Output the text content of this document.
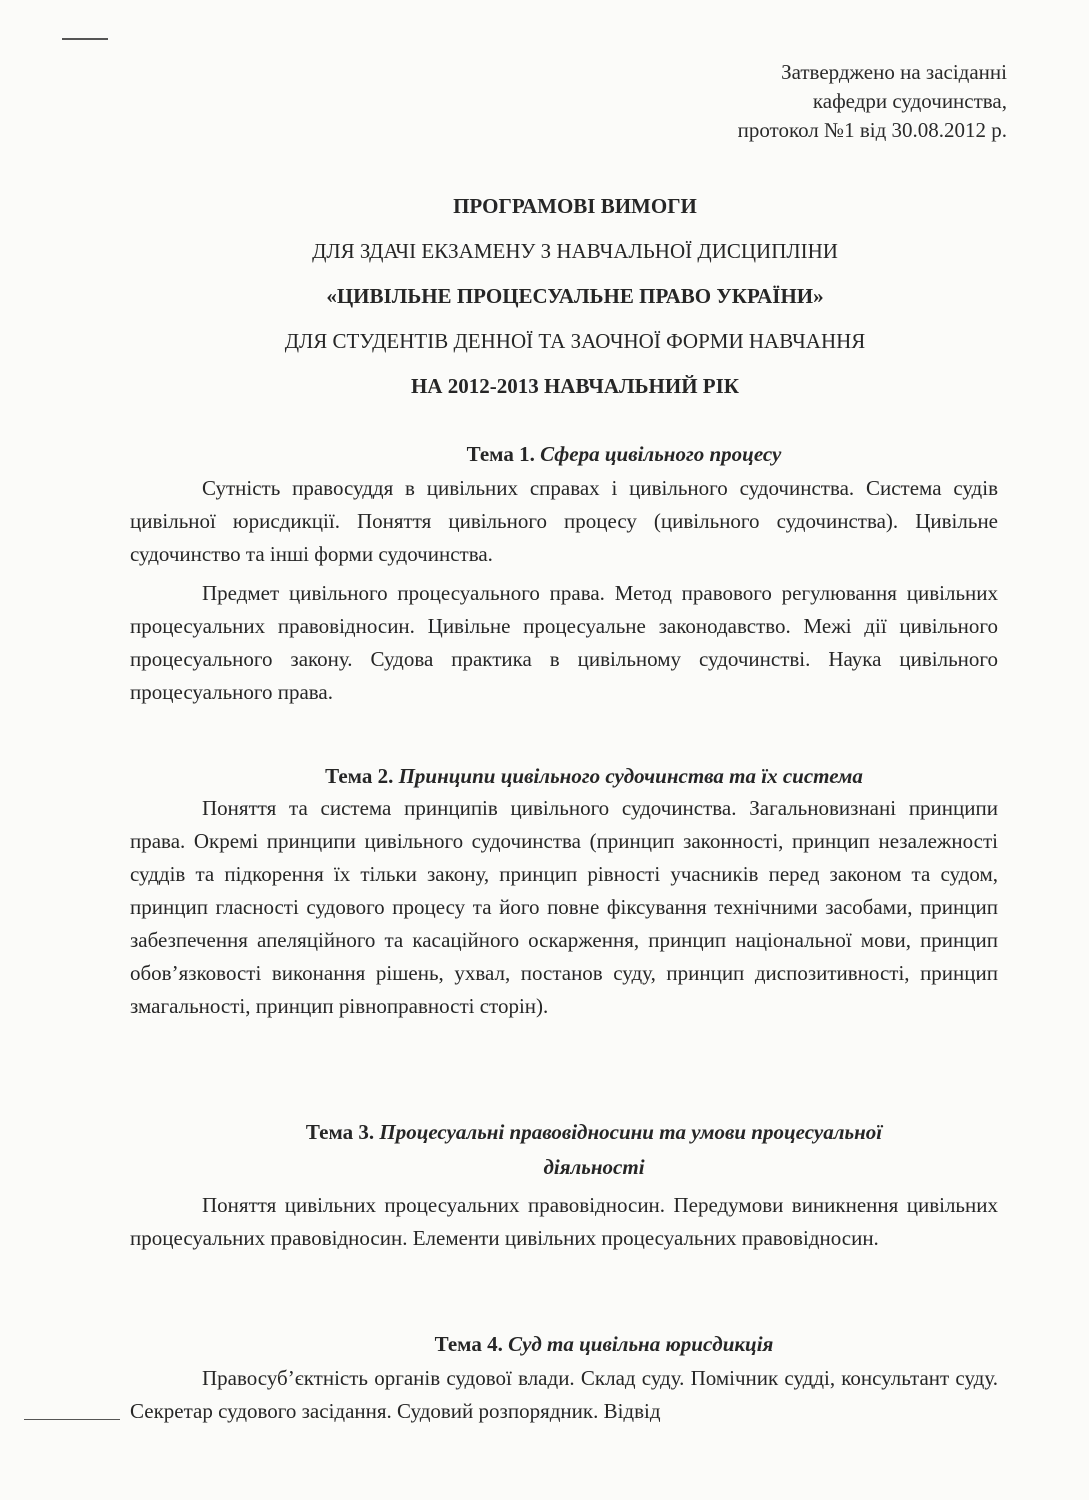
Затверджено на засіданні
кафедри судочинства,
протокол №1 від 30.08.2012 р.
ПРОГРАМОВІ ВИМОГИ
ДЛЯ ЗДАЧІ ЕКЗАМЕНУ З НАВЧАЛЬНОЇ ДИСЦИПЛІНИ
«ЦИВІЛЬНЕ ПРОЦЕСУАЛЬНЕ ПРАВО УКРАЇНИ»
ДЛЯ СТУДЕНТІВ ДЕННОЇ ТА ЗАОЧНОЇ ФОРМИ НАВЧАННЯ
НА 2012-2013 НАВЧАЛЬНИЙ РІК
Тема 1. Сфера цивільного процесу

Сутність правосуддя в цивільних справах і цивільного судочинства. Система судів цивільної юрисдикції. Поняття цивільного процесу (цивільного судочинства). Цивільне судочинство та інші форми судочинства.

Предмет цивільного процесуального права. Метод правового регулювання цивільних процесуальних правовідносин. Цивільне процесуальне законодавство. Межі дії цивільного процесуального закону. Судова практика в цивільному судочинстві. Наука цивільного процесуального права.

Тема 2. Принципи цивільного судочинства та їх система

Поняття та система принципів цивільного судочинства. Загальновизнані принципи права. Окремі принципи цивільного судочинства (принцип законності, принцип незалежності суддів та підкорення їх тільки закону, принцип рівності учасників перед законом та судом, принцип гласності судового процесу та його повне фіксування технічними засобами, принцип забезпечення апеляційного та касаційного оскарження, принцип національної мови, принцип обов’язковості виконання рішень, ухвал, постанов суду, принцип диспозитивності, принцип змагальності, принцип рівноправності сторін).

Тема 3. Процесуальні правовідносини та умови процесуальної
діяльності

Поняття цивільних процесуальних правовідносин. Передумови виникнення цивільних процесуальних правовідносин. Елементи цивільних процесуальних правовідносин.

Тема 4. Суд та цивільна юрисдикція

Правосуб’єктність органів судової влади. Склад суду. Помічник судді, консультант суду. Секретар судового засідання. Судовий розпорядник. Відвід
